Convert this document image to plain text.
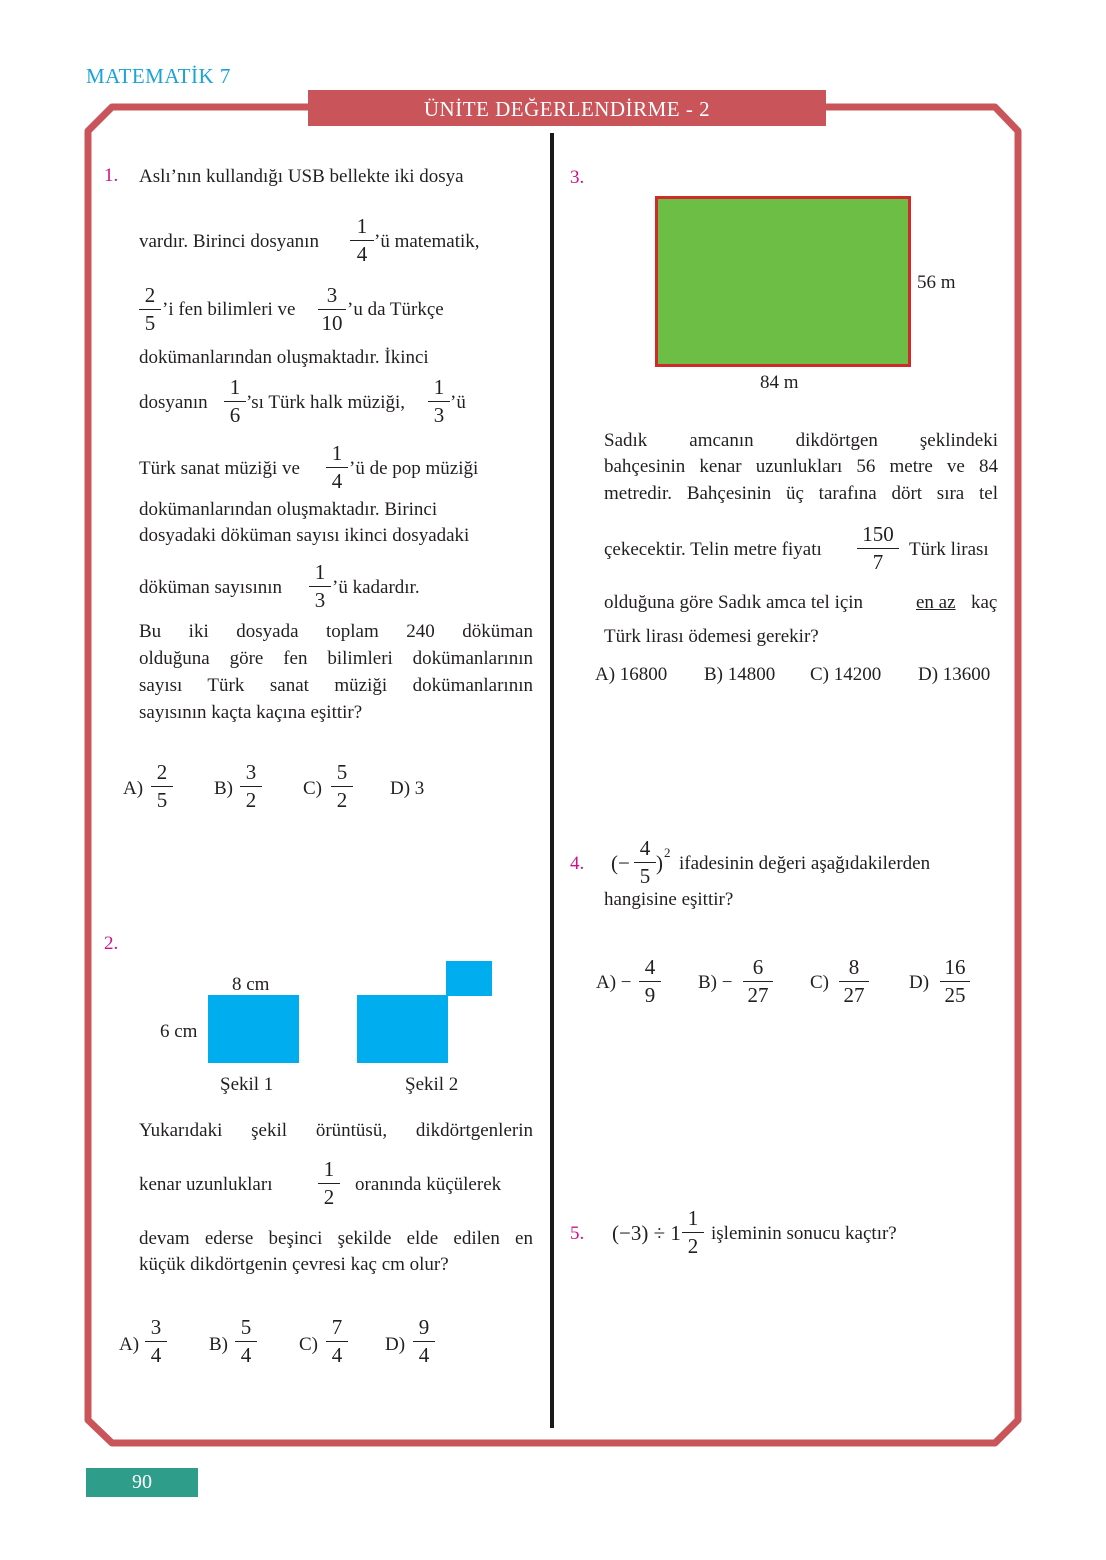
MATEMATİK 7
ÜNİTE DEĞERLENDİRME - 2
1. Aslı’nın kullandığı USB bellekte iki dosya
vardır. Birinci dosyanın
1
4
’ü matematik,
2
5
’i fen bilimleri ve
3
10
’u da Türkçe
dokümanlarından oluşmaktadır. İkinci
dosyanın
1
6
’sı Türk halk müziği,
1
3
’ü
Türk sanat müziği ve
1
4
’ü de pop müziği
dokümanlarından oluşmaktadır. Birinci
dosyadaki döküman sayısı ikinci dosyadaki
döküman sayısının
1
3
’ü kadardır.
Bu iki dosyada toplam 240 döküman
olduğuna göre fen bilimleri dokümanlarının
sayısı Türk sanat müziği dokümanlarının
sayısının kaçta kaçına eşittir?
A)
2
5	B)
3
2	C)
5
2	D) 3
2.
8 cm
6 cm
Şekil 1	Şekil 2
Yukarıdaki şekil örüntüsü, dikdörtgenlerin
kenar uzunlukları
1
2
oranında küçülerek
devam ederse beşinci şekilde elde edilen en
küçük dikdörtgenin çevresi kaç cm olur?
A)
3
4	B)
5
4	C)
7
4	D)
9
4
3.
56 m
84 m
Sadık amcanın dikdörtgen şeklindeki
bahçesinin kenar uzunlukları 56 metre ve 84
metredir. Bahçesinin üç tarafına dört sıra tel
çekecektir. Telin metre fiyatı
150
7
Türk lirası
olduğuna göre Sadık amca tel için	en az kaç
Türk lirası ödemesi gerekir?
A) 16800 B) 14800 C) 14200 D) 13600
4. (−
4
5
) 2
ifadesinin değeri aşağıdakilerden
hangisine eşittir?
A) −
4
9
B) −
6
27
C)
8
27
D)
16
25
5. (−3) ÷ 1
1
2
işleminin sonucu kaçtır?
90
